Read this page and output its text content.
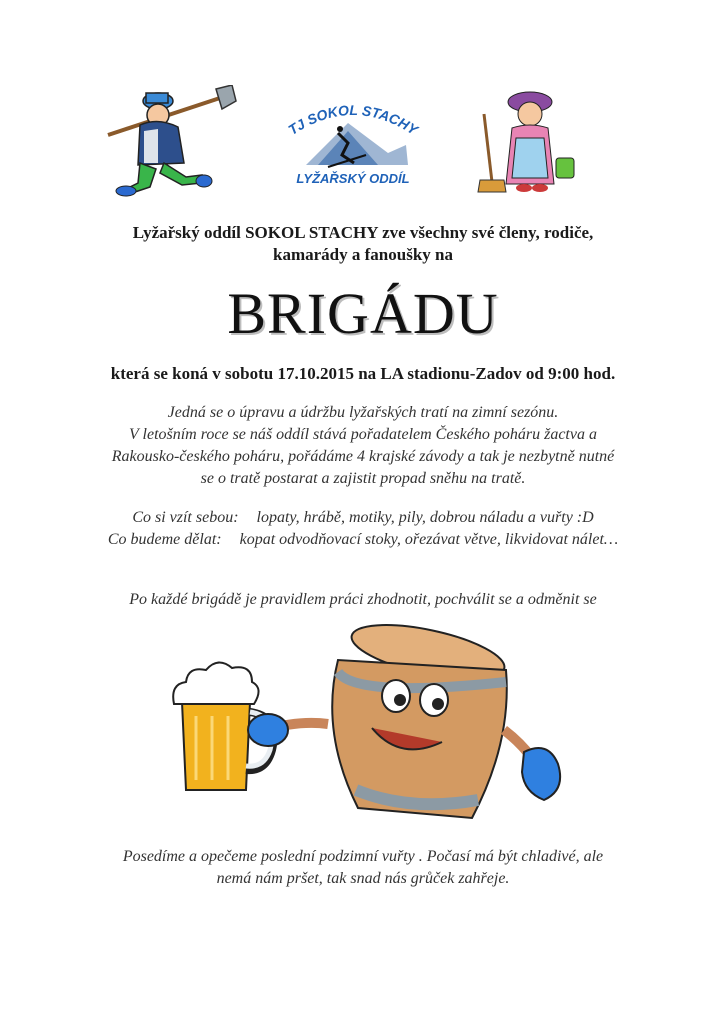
TJ SOKOL STACHY
LYŽAŘSKÝ ODDÍL
Lyžařský oddíl SOKOL STACHY zve všechny své členy, rodiče,
kamarády a fanoušky na
BRIGÁDU
která se koná v sobotu 17.10.2015 na LA stadionu-Zadov od 9:00 hod.
Jedná se o úpravu a údržbu lyžařských tratí na zimní sezónu.
V letošním roce se náš oddíl stává pořadatelem Českého poháru žactva a
Rakousko-českého poháru, pořádáme 4 krajské závody a tak je nezbytně nutné
se o tratě postarat a zajistit propad sněhu na tratě.
Co si vzít sebou: lopaty, hrábě, motiky, pily, dobrou náladu a vuřty :D
Co budeme dělat: kopat odvodňovací stoky, ořezávat větve, likvidovat nálet…
Po každé brigádě je pravidlem práci zhodnotit, pochválit se a odměnit se
Posedíme a opečeme poslední podzimní vuřty . Počasí má být chladivé, ale
nemá nám pršet, tak snad nás grůček zahřeje.
